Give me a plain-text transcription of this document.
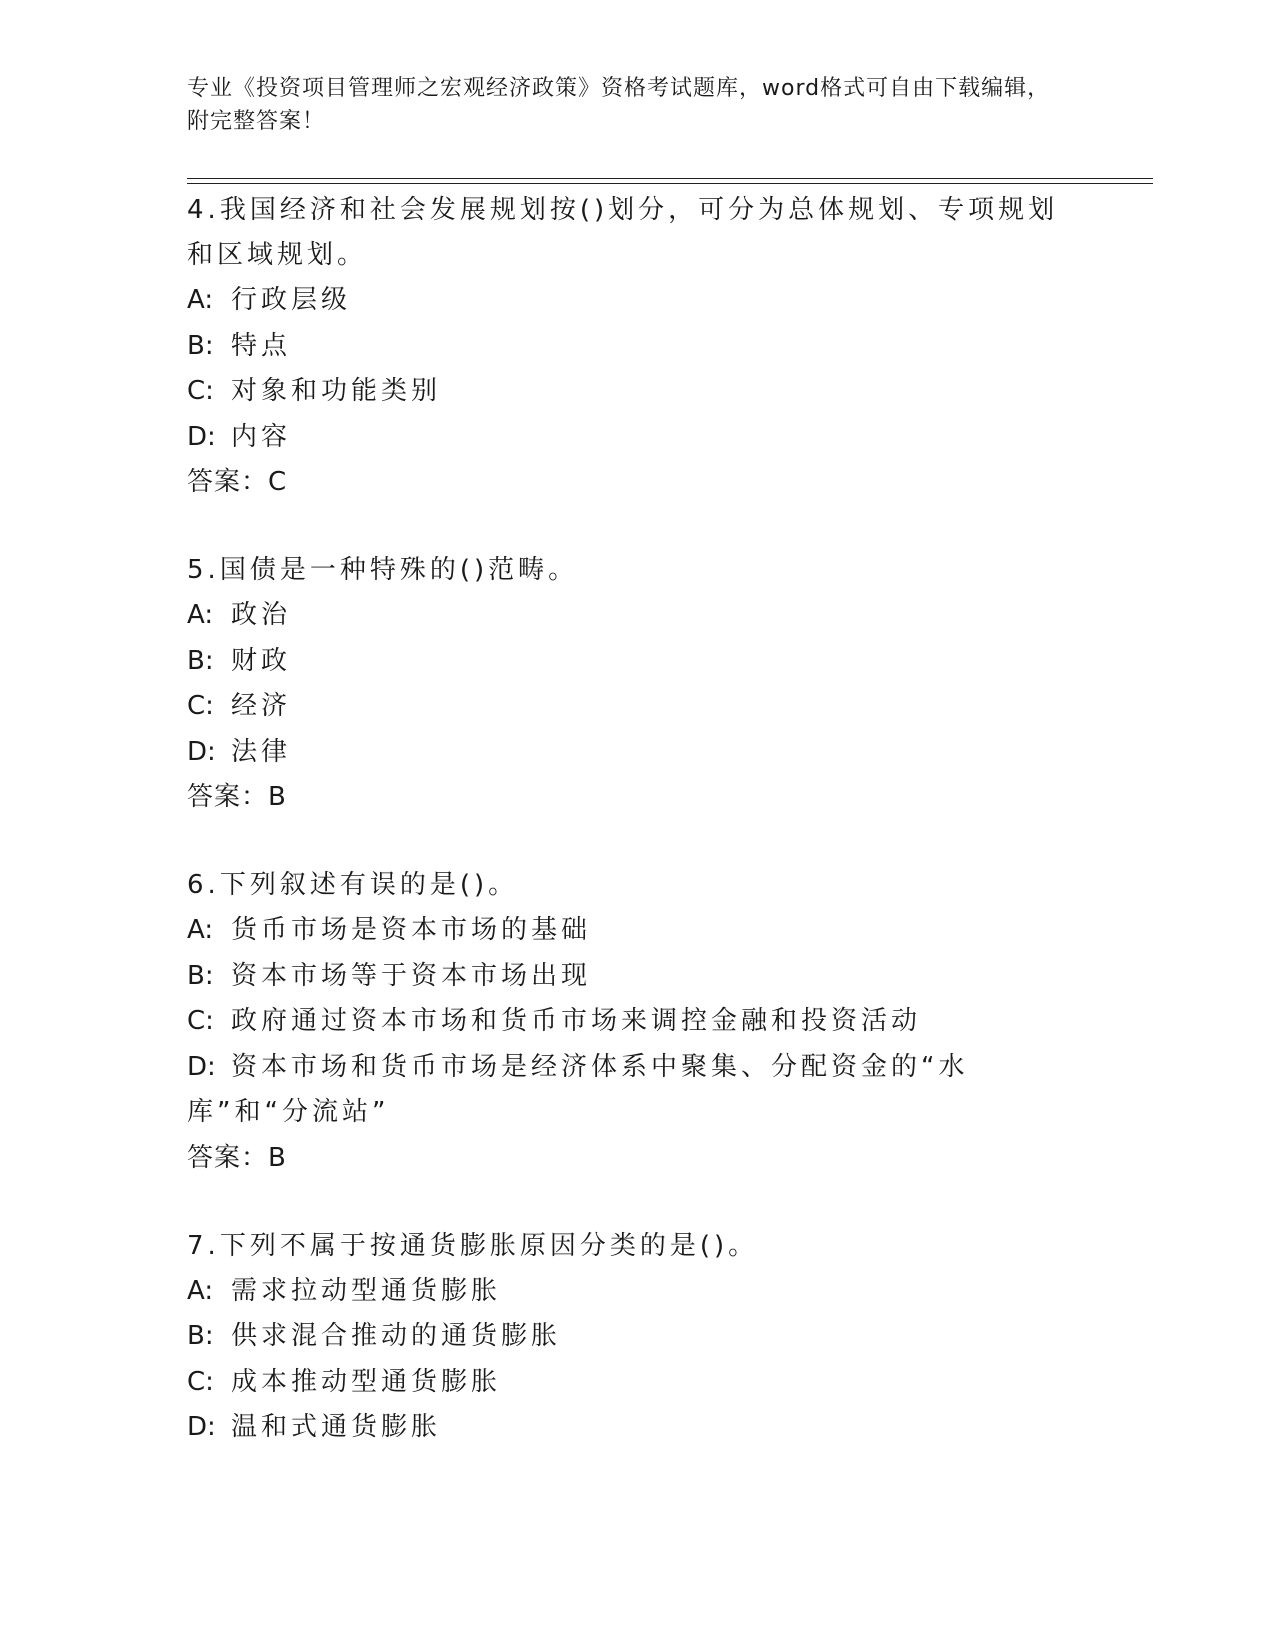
专业《投资项目管理师之宏观经济政策》资格考试题库，word格式可自由下载编辑，附完整答案！

4.我国经济和社会发展规划按()划分，可分为总体规划、专项规划和区域规划。

A: 行政层级

B: 特点

C: 对象和功能类别

D: 内容

答案：C

5.国债是一种特殊的()范畴。

A: 政治

B: 财政

C: 经济

D: 法律

答案：B

6.下列叙述有误的是()。

A: 货币市场是资本市场的基础

B: 资本市场等于资本市场出现

C: 政府通过资本市场和货币市场来调控金融和投资活动

D: 资本市场和货币市场是经济体系中聚集、分配资金的“水库”和“分流站”

答案：B

7.下列不属于按通货膨胀原因分类的是()。

A: 需求拉动型通货膨胀

B: 供求混合推动的通货膨胀

C: 成本推动型通货膨胀

D: 温和式通货膨胀
